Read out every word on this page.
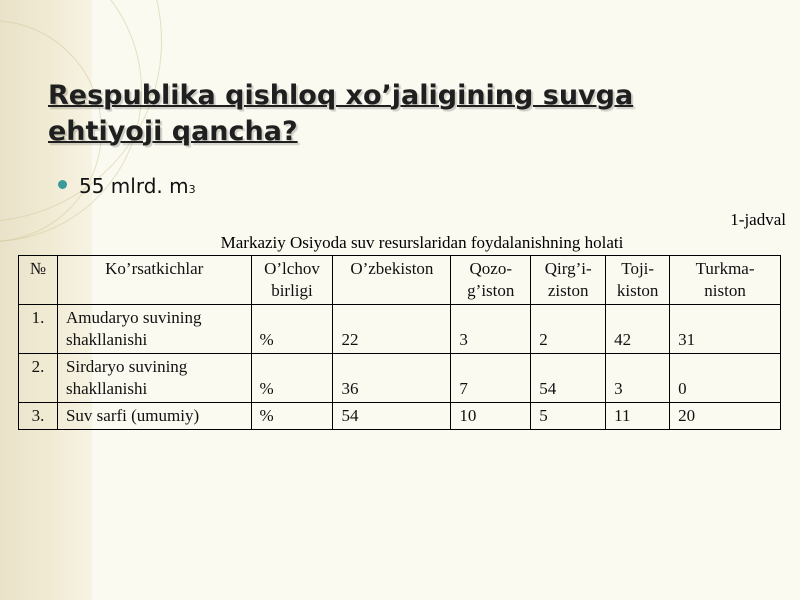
Respublika qishloq xo’jaligining suvga ehtiyoji qancha?
55 mlrd. m 3
1-jadval
Markaziy Osiyoda suv resurslaridan foydalanishning holati
№	Ko’rsatkichlar	O’lchov birligi	O’zbekiston	Qozo-g’iston	Qirg’i-ziston	Toji-kiston	Turkma-niston
1.	Amudaryo suvining shakllanishi	%	22	3	2	42	31
2.	Sirdaryo suvining shakllanishi	%	36	7	54	3	0
3.	Suv sarfi (umumiy)	%	54	10	5	11	20
